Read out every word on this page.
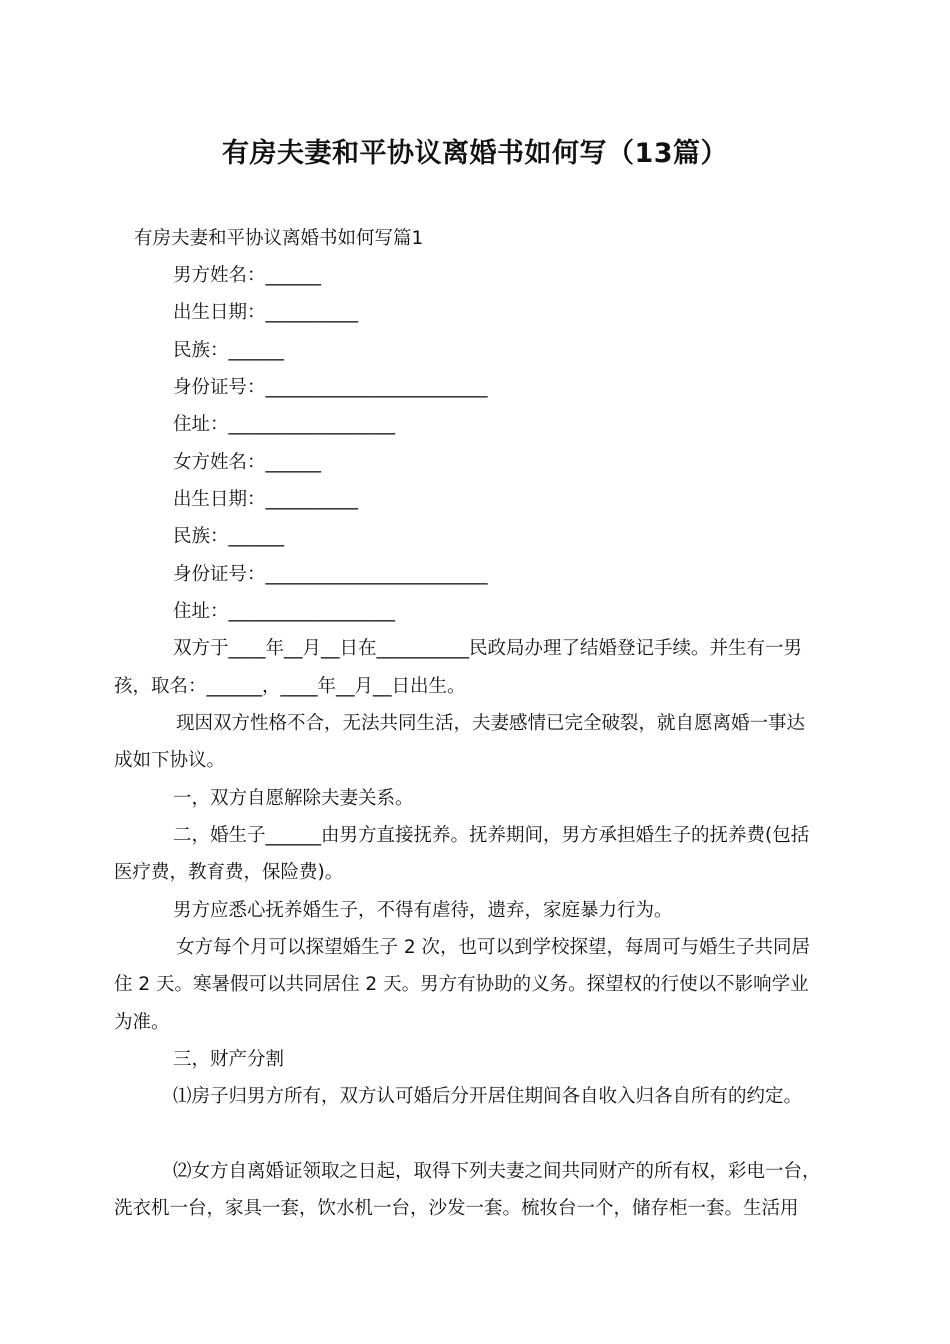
有房夫妻和平协议离婚书如何写（13篇）
有房夫妻和平协议离婚书如何写篇1
男方姓名：______
出生日期：__________
民族：______
身份证号：________________________
住址：__________________
女方姓名：______
出生日期：__________
民族：______
身份证号：________________________
住址：__________________
双方于____年__月__日在__________民政局办理了结婚登记手续。并生有一男
孩，取名：______，____年__月__日出生。
现因双方性格不合，无法共同生活，夫妻感情已完全破裂，就自愿离婚一事达
成如下协议。
一，双方自愿解除夫妻关系。
二，婚生子______由男方直接抚养。抚养期间，男方承担婚生子的抚养费(包括
医疗费，教育费，保险费)。
男方应悉心抚养婚生子，不得有虐待，遗弃，家庭暴力行为。
女方每个月可以探望婚生子 2 次，也可以到学校探望，每周可与婚生子共同居
住 2 天。寒暑假可以共同居住 2 天。男方有协助的义务。探望权的行使以不影响学业
为准。
三，财产分割
⑴房子归男方所有，双方认可婚后分开居住期间各自收入归各自所有的约定。
⑵女方自离婚证领取之日起，取得下列夫妻之间共同财产的所有权，彩电一台，
洗衣机一台，家具一套，饮水机一台，沙发一套。梳妆台一个，储存柜一套。生活用
